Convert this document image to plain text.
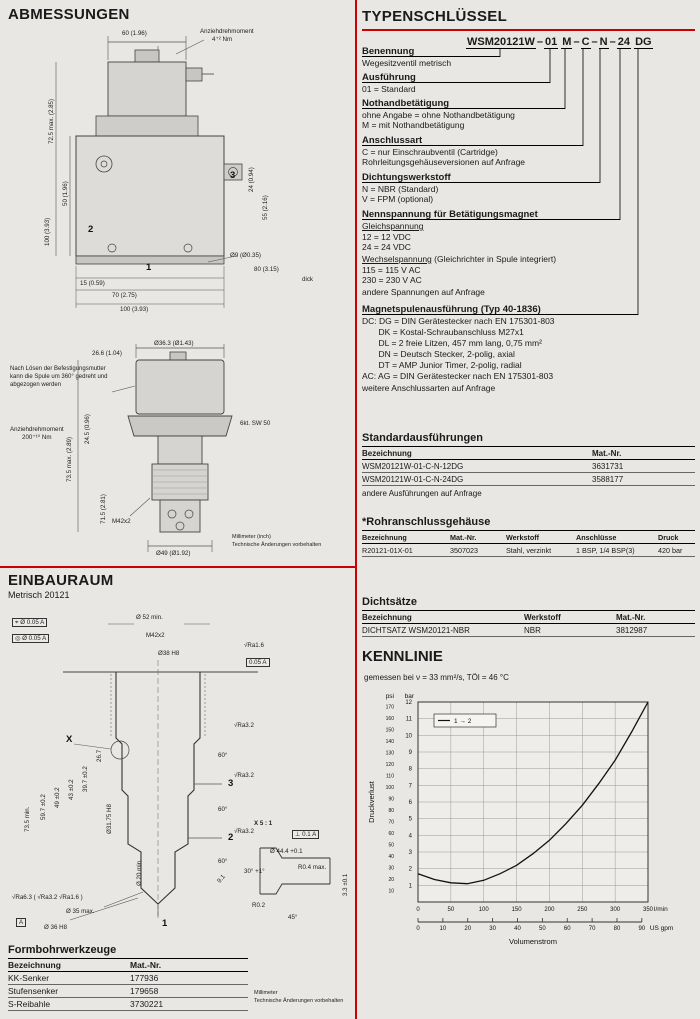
ABMESSUNGEN
Anziehdrehmoment
4⁺² Nm
60 (1.96)
72.5 max. (2.85)
50 (1.96)
100 (3.93)
24 (0.94)
55 (2.16)
2
3
1
15 (0.59)
70 (2.75)
100 (3.93)
Ø9 (Ø0.35)
80 (3.15)
dick
Ø36.3 (Ø1.43)
26.6 (1.04)
Nach Lösen der Befestigungsmutter kann die Spule um 360° gedreht und abgezogen werden
73.5 max. (2.89)
24.5 (0.96)
Anziehdrehmoment
200⁺¹⁰ Nm
6kt. SW 50
71.5 (2.81) M42x2
Ø49 (Ø1.92)
Millimeter (inch)
Technische Änderungen vorbehalten
EINBAURAUM
Metrisch 20121
⌖ Ø 0.05 A
◎ Ø 0.05 A
Ø 52 min.
M42x2
Ø38 H8
√Ra1.6
0.05 A
X
√Ra3.2
60°
√Ra3.2
3
60°
√Ra3.2
2
60°
73.5 min. 59.7 ±0.2 49 ±0.2 43 ±0.2 39.7 ±0.2
26.7
Ø31.75 H8
Ø 20 min.
1
Ø 35 max.
Ø 36 H8
A
X 5 : 1
⊥ 0.1 A
Ø 44.4 +0.1
R0.4 max.
30° +1°
3.3 ±0.1
9.1
R0.2
45°
√Ra6.3 ( √Ra3.2 √Ra1.6 )
Formbohrwerkzeuge
Bezeichnung	Mat.-Nr.
KK-Senker	177936
Stufensenker	179658
S-Reibahle	3730221
Millimeter
Technische Änderungen vorbehalten
TYPENSCHLÜSSEL
WSM20121W – 01 M – C – N – 24 DG
Benennung
Wegesitzventil metrisch
Ausführung
01 = Standard
Nothandbetätigung
ohne Angabe = ohne Nothandbetätigung
M = mit Nothandbetätigung
Anschlussart
C = nur Einschraubventil (Cartridge)
Rohrleitungsgehäuseversionen auf Anfrage
Dichtungswerkstoff
N = NBR (Standard)
V = FPM (optional)
Nennspannung für Betätigungsmagnet
Gleichspannung
12 = 12 VDC
24 = 24 VDC
Wechselspannung (Gleichrichter in Spule integriert)
115 = 115 V AC
230 = 230 V AC
andere Spannungen auf Anfrage
Magnetspulenausführung (Typ 40-1836)
DC: DG = DIN Gerätestecker nach EN 175301-803
DK = Kostal-Schraubanschluss M27x1
DL = 2 freie Litzen, 457 mm lang, 0,75 mm²
DN = Deutsch Stecker, 2-polig, axial
DT = AMP Junior Timer, 2-polig, radial
AC: AG = DIN Gerätestecker nach EN 175301-803
weitere Anschlussarten auf Anfrage
Standardausführungen
Bezeichnung	Mat.-Nr.
WSM20121W-01-C-N-12DG	3631731
WSM20121W-01-C-N-24DG	3588177
andere Ausführungen auf Anfrage
*Rohranschlussgehäuse
Bezeichnung	Mat.-Nr.	Werkstoff	Anschlüsse	Druck
R20121-01X-01	3507023	Stahl, verzinkt	1 BSP, 1/4 BSP(3)	420 bar
Dichtsätze
Bezeichnung	Werkstoff	Mat.-Nr.
DICHTSATZ WSM20121-NBR	NBR	3812987
KENNLINIE
gemessen bei ν = 33 mm²/s, TÖl = 46 °C
0	50	100	150	200	250	300	350
1
2
3
4
5
6
7
8
9
10
11
12
10
20
30
40
50
60
70
80
90
100
110
120
130
140
150
160
170
psi bar
l/min
1 → 2
0	10	20	30	40	50	60	70	80	90 US gpm
Volumenstrom
Druckverlust
